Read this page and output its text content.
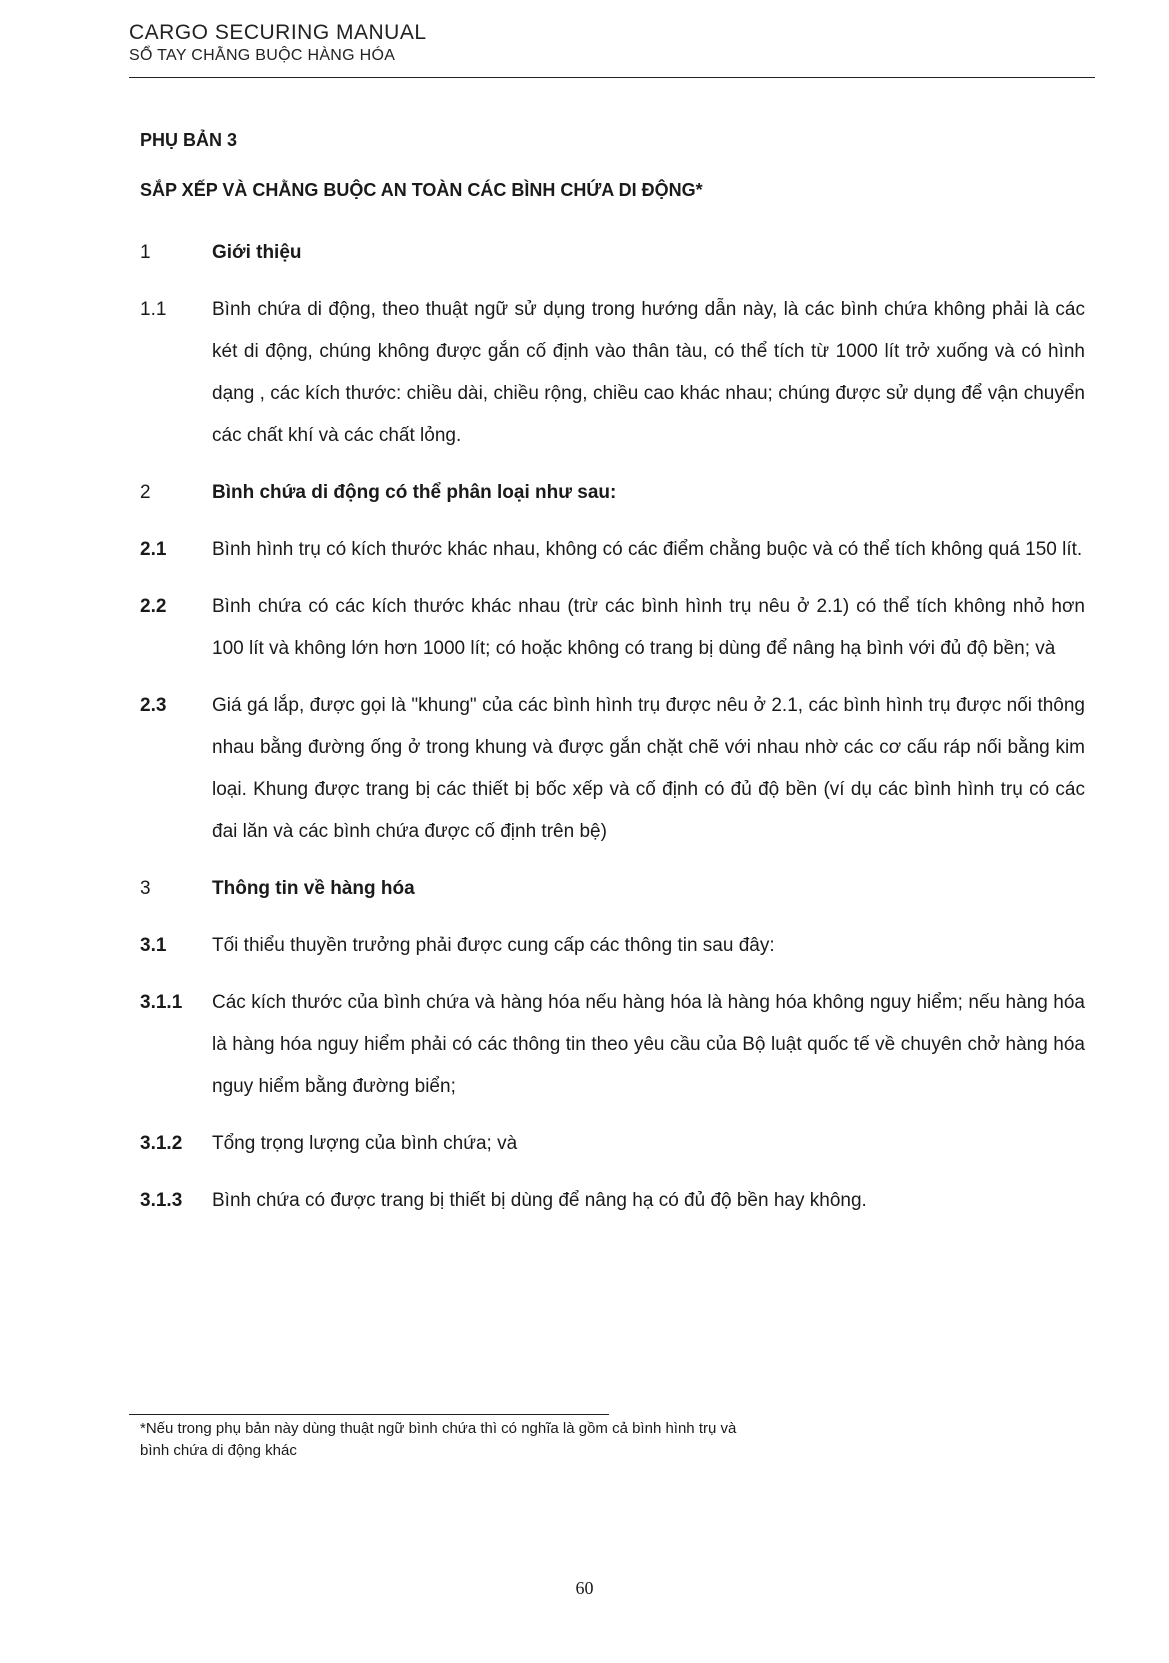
CARGO SECURING MANUAL
SỔ TAY CHẰNG BUỘC HÀNG HÓA
PHỤ BẢN 3
SẮP XẾP VÀ CHẰNG BUỘC AN TOÀN CÁC BÌNH CHỨA DI ĐỘNG*
1	Giới thiệu
1.1	Bình chứa di động, theo thuật ngữ sử dụng trong hướng dẫn này, là các bình chứa không phải là các két di động, chúng không được gắn cố định vào thân tàu, có thể tích từ 1000 lít trở xuống và có hình dạng , các kích thước: chiều dài, chiều rộng, chiều cao khác nhau; chúng được sử dụng để vận chuyển các chất khí và các chất lỏng.
2	Bình chứa di động có thể phân loại như sau:
2.1	Bình hình trụ có kích thước khác nhau, không có các điểm chằng buộc và có thể tích không quá 150 lít.
2.2	Bình chứa có các kích thước khác nhau (trừ các bình hình trụ nêu ở 2.1) có thể tích không nhỏ hơn 100 lít và không lớn hơn 1000 lít; có hoặc không có trang bị dùng để nâng hạ bình với đủ độ bền; và
2.3	Giá gá lắp, được gọi là "khung" của các bình hình trụ được nêu ở 2.1, các bình hình trụ được nối thông nhau bằng đường ống ở trong khung và được gắn chặt chẽ với nhau nhờ các cơ cấu ráp nối bằng kim loại. Khung được trang bị các thiết bị bốc xếp và cố định có đủ độ bền (ví dụ các bình hình trụ có các đai lăn và các bình chứa được cố định trên bệ)
3	Thông tin về hàng hóa
3.1	Tối thiểu thuyền trưởng phải được cung cấp các thông tin sau đây:
3.1.1	Các kích thước của bình chứa và hàng hóa nếu hàng hóa là hàng hóa không nguy hiểm; nếu hàng hóa là hàng hóa nguy hiểm phải có các thông tin theo yêu cầu của Bộ luật quốc tế về chuyên chở hàng hóa nguy hiểm bằng đường biển;
3.1.2	Tổng trọng lượng của bình chứa; và
3.1.3	Bình chứa có được trang bị thiết bị dùng để nâng hạ có đủ độ bền hay không.
*Nếu trong phụ bản này dùng thuật ngữ bình chứa thì có nghĩa là gồm cả bình hình trụ và
bình chứa di động khác
60
